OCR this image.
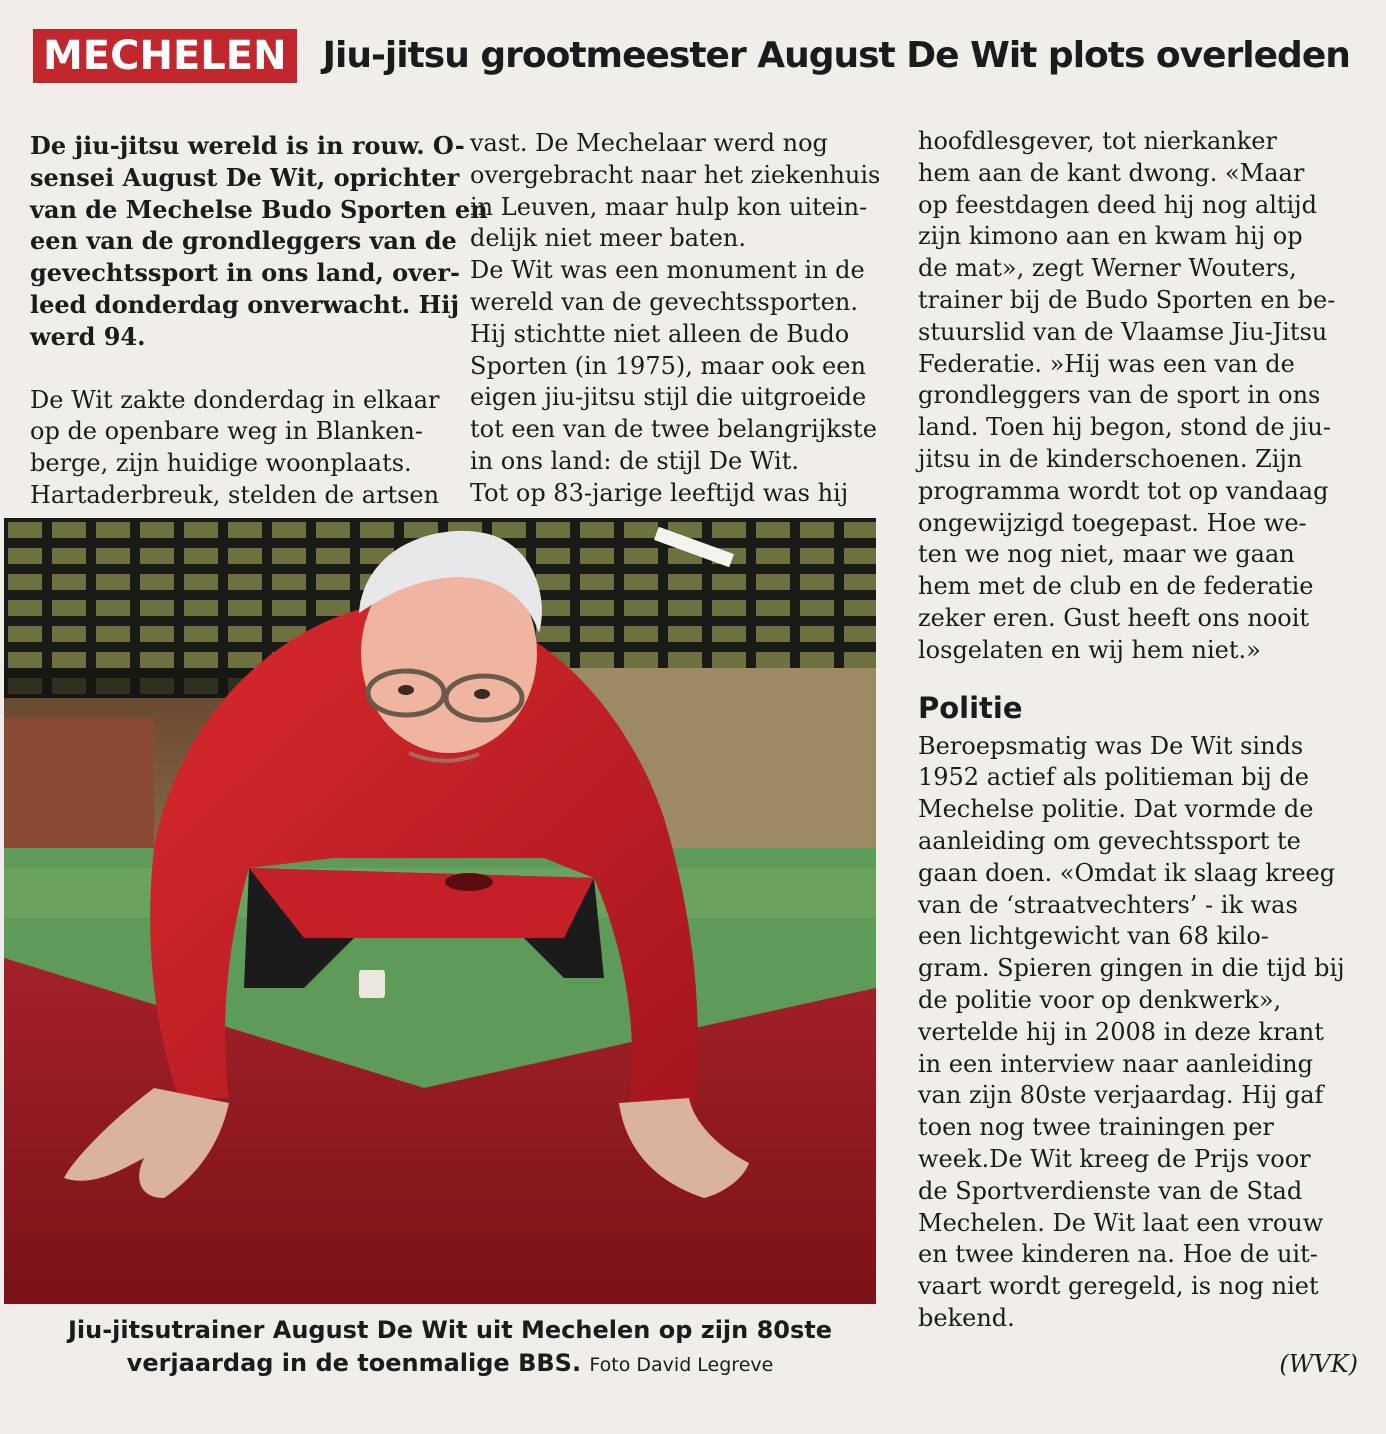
MECHELEN Jiu-jitsu grootmeester August De Wit plots overleden

De jiu-jitsu wereld is in rouw. O-

sensei August De Wit, oprichter

van de Mechelse Budo Sporten en

een van de grondleggers van de

gevechtssport in ons land, over-

leed donderdag onverwacht. Hij

werd 94.

De Wit zakte donderdag in elkaar

op de openbare weg in Blanken-

berge, zijn huidige woonplaats.

Hartaderbreuk, stelden de artsen

vast. De Mechelaar werd nog

overgebracht naar het ziekenhuis

in Leuven, maar hulp kon uitein-

delijk niet meer baten.

De Wit was een monument in de

wereld van de gevechtssporten.

Hij stichtte niet alleen de Budo

Sporten (in 1975), maar ook een

eigen jiu-jitsu stijl die uitgroeide

tot een van de twee belangrijkste

in ons land: de stijl De Wit.

Tot op 83-jarige leeftijd was hij

hoofdlesgever, tot nierkanker

hem aan de kant dwong. «Maar

op feestdagen deed hij nog altijd

zijn kimono aan en kwam hij op

de mat», zegt Werner Wouters,

trainer bij de Budo Sporten en be-

stuurslid van de Vlaamse Jiu-Jitsu

Federatie. »Hij was een van de

grondleggers van de sport in ons

land. Toen hij begon, stond de jiu-

jitsu in de kinderschoenen. Zijn

programma wordt tot op vandaag

ongewijzigd toegepast. Hoe we-

ten we nog niet, maar we gaan

hem met de club en de federatie

zeker eren. Gust heeft ons nooit

losgelaten en wij hem niet.»

Politie

Beroepsmatig was De Wit sinds

1952 actief als politieman bij de

Mechelse politie. Dat vormde de

aanleiding om gevechtssport te

gaan doen. «Omdat ik slaag kreeg

van de ‘straatvechters’ - ik was

een lichtgewicht van 68 kilo-

gram. Spieren gingen in die tijd bij

de politie voor op denkwerk»,

vertelde hij in 2008 in deze krant

in een interview naar aanleiding

van zijn 80ste verjaardag. Hij gaf

toen nog twee trainingen per

week.De Wit kreeg de Prijs voor

de Sportverdienste van de Stad

Mechelen. De Wit laat een vrouw

en twee kinderen na. Hoe de uit-

vaart wordt geregeld, is nog niet

bekend.

(WVK)
Jiu-jitsutrainer August De Wit uit Mechelen op zijn 80ste
verjaardag in de toenmalige BBS. Foto David Legreve
